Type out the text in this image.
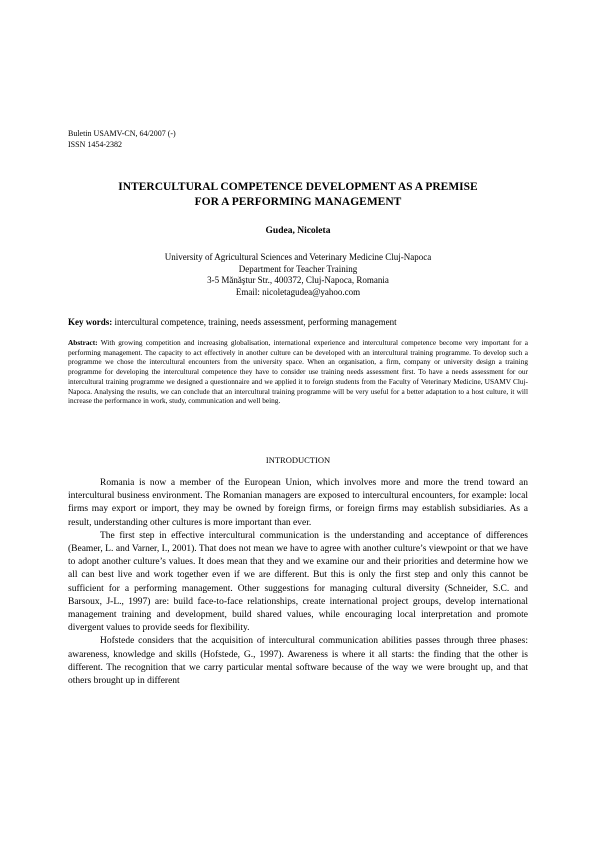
Buletin USAMV-CN, 64/2007 (-)
ISSN 1454-2382
INTERCULTURAL COMPETENCE DEVELOPMENT AS A PREMISE
FOR A PERFORMING MANAGEMENT
Gudea, Nicoleta
University of Agricultural Sciences and Veterinary Medicine Cluj-Napoca
Department for Teacher Training
3-5 Mănăştur Str., 400372, Cluj-Napoca, Romania
Email: nicoletagudea@yahoo.com
Key words: intercultural competence, training, needs assessment, performing management
Abstract: With growing competition and increasing globalisation, international experience and intercultural competence become very important for a performing management. The capacity to act effectively in another culture can be developed with an intercultural training programme. To develop such a programme we chose the intercultural encounters from the university space. When an organisation, a firm, company or university design a training programme for developing the intercultural competence they have to consider use training needs assessment first. To have a needs assessment for our intercultural training programme we designed a questionnaire and we applied it to foreign students from the Faculty of Veterinary Medicine, USAMV Cluj-Napoca. Analysing the results, we can conclude that an intercultural training programme will be very useful for a better adaptation to a host culture, it will increase the performance in work, study, communication and well being.
INTRODUCTION

Romania is now a member of the European Union, which involves more and more the trend toward an intercultural business environment. The Romanian managers are exposed to intercultural encounters, for example: local firms may export or import, they may be owned by foreign firms, or foreign firms may establish subsidiaries. As a result, understanding other cultures is more important than ever.

The first step in effective intercultural communication is the understanding and acceptance of differences (Beamer, L. and Varner, I., 2001). That does not mean we have to agree with another culture’s viewpoint or that we have to adopt another culture’s values. It does mean that they and we examine our and their priorities and determine how we all can best live and work together even if we are different. But this is only the first step and only this cannot be sufficient for a performing management. Other suggestions for managing cultural diversity (Schneider, S.C. and Barsoux, J-L., 1997) are: build face-to-face relationships, create international project groups, develop international management training and development, build shared values, while encouraging local interpretation and promote divergent values to provide seeds for flexibility.

Hofstede considers that the acquisition of intercultural communication abilities passes through three phases: awareness, knowledge and skills (Hofstede, G., 1997). Awareness is where it all starts: the finding that the other is different. The recognition that we carry particular mental software because of the way we were brought up, and that others brought up in different
